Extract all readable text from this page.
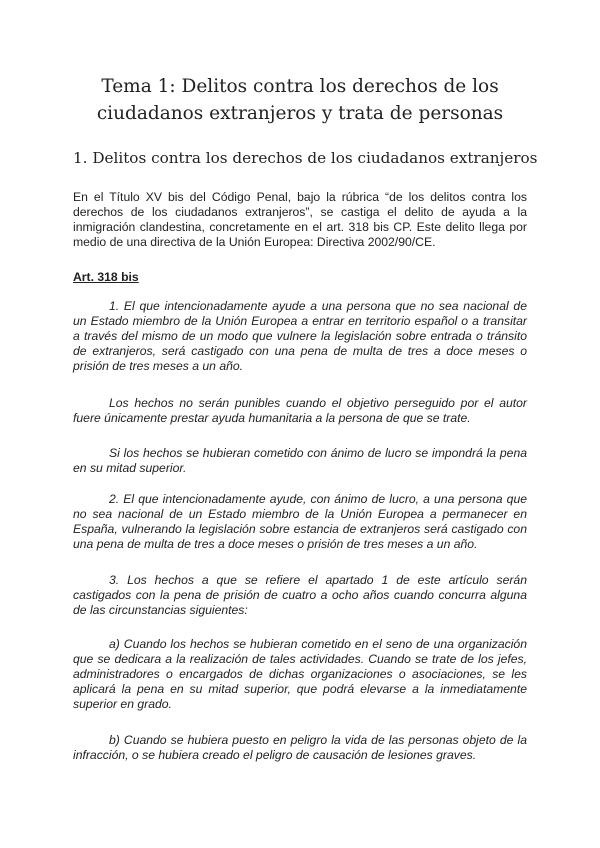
Tema 1: Delitos contra los derechos de los
ciudadanos extranjeros y trata de personas
1. Delitos contra los derechos de los ciudadanos extranjeros

En el Título XV bis del Código Penal, bajo la rúbrica “de los delitos contra los derechos de los ciudadanos extranjeros”, se castiga el delito de ayuda a la inmigración clandestina, concretamente en el art. 318 bis CP. Este delito llega por medio de una directiva de la Unión Europea: Directiva 2002/90/CE.

Art. 318 bis

1. El que intencionadamente ayude a una persona que no sea nacional de un Estado miembro de la Unión Europea a entrar en territorio español o a transitar a través del mismo de un modo que vulnere la legislación sobre entrada o tránsito de extranjeros, será castigado con una pena de multa de tres a doce meses o prisión de tres meses a un año.

Los hechos no serán punibles cuando el objetivo perseguido por el autor fuere únicamente prestar ayuda humanitaria a la persona de que se trate.

Si los hechos se hubieran cometido con ánimo de lucro se impondrá la pena en su mitad superior.

2. El que intencionadamente ayude, con ánimo de lucro, a una persona que no sea nacional de un Estado miembro de la Unión Europea a permanecer en España, vulnerando la legislación sobre estancia de extranjeros será castigado con una pena de multa de tres a doce meses o prisión de tres meses a un año.

3. Los hechos a que se refiere el apartado 1 de este artículo serán castigados con la pena de prisión de cuatro a ocho años cuando concurra alguna de las circunstancias siguientes:

a) Cuando los hechos se hubieran cometido en el seno de una organización que se dedicara a la realización de tales actividades. Cuando se trate de los jefes, administradores o encargados de dichas organizaciones o asociaciones, se les aplicará la pena en su mitad superior, que podrá elevarse a la inmediatamente superior en grado.

b) Cuando se hubiera puesto en peligro la vida de las personas objeto de la infracción, o se hubiera creado el peligro de causación de lesiones graves.
